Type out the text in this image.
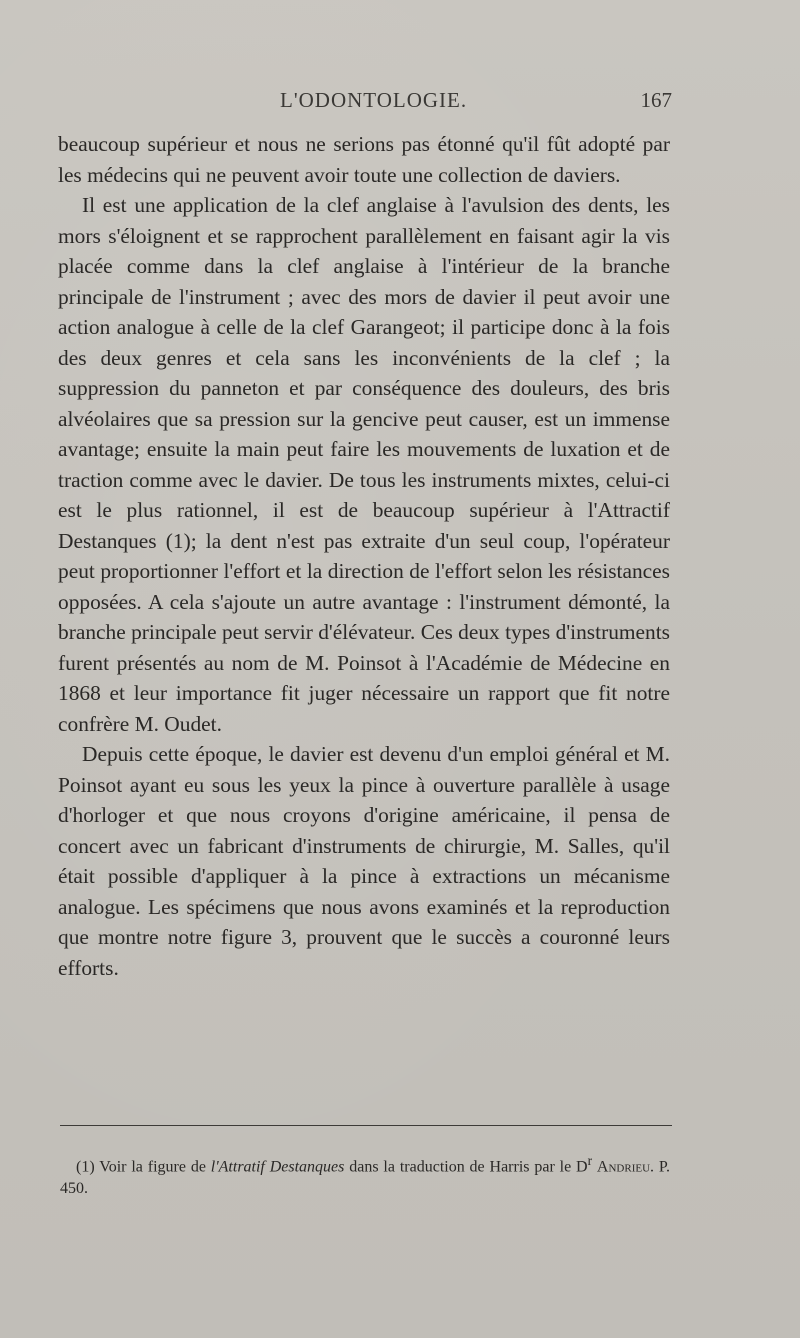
L'ODONTOLOGIE.	167

beaucoup supérieur et nous ne serions pas étonné qu'il fût adopté par les médecins qui ne peuvent avoir toute une collection de daviers.

Il est une application de la clef anglaise à l'avulsion des dents, les mors s'éloignent et se rapprochent parallèlement en faisant agir la vis placée comme dans la clef anglaise à l'intérieur de la branche principale de l'instrument ; avec des mors de davier il peut avoir une action analogue à celle de la clef Garangeot; il participe donc à la fois des deux genres et cela sans les inconvénients de la clef ; la suppression du panneton et par conséquence des douleurs, des bris alvéolaires que sa pression sur la gencive peut causer, est un immense avantage; ensuite la main peut faire les mouvements de luxation et de traction comme avec le davier. De tous les instruments mixtes, celui-ci est le plus rationnel, il est de beaucoup supérieur à l'Attractif Destanques (1); la dent n'est pas extraite d'un seul coup, l'opérateur peut proportionner l'effort et la direction de l'effort selon les résistances opposées. A cela s'ajoute un autre avantage : l'instrument démonté, la branche principale peut servir d'élévateur. Ces deux types d'instruments furent présentés au nom de M. Poinsot à l'Académie de Médecine en 1868 et leur importance fit juger nécessaire un rapport que fit notre confrère M. Oudet.

Depuis cette époque, le davier est devenu d'un emploi général et M. Poinsot ayant eu sous les yeux la pince à ouverture parallèle à usage d'horloger et que nous croyons d'origine américaine, il pensa de concert avec un fabricant d'instruments de chirurgie, M. Salles, qu'il était possible d'appliquer à la pince à extractions un mécanisme analogue. Les spécimens que nous avons examinés et la reproduction que montre notre figure 3, prouvent que le succès a couronné leurs efforts.

(1) Voir la figure de l'Attratif Destanques dans la traduction de Harris par le $D^r$ Andrieu. P. 450.
